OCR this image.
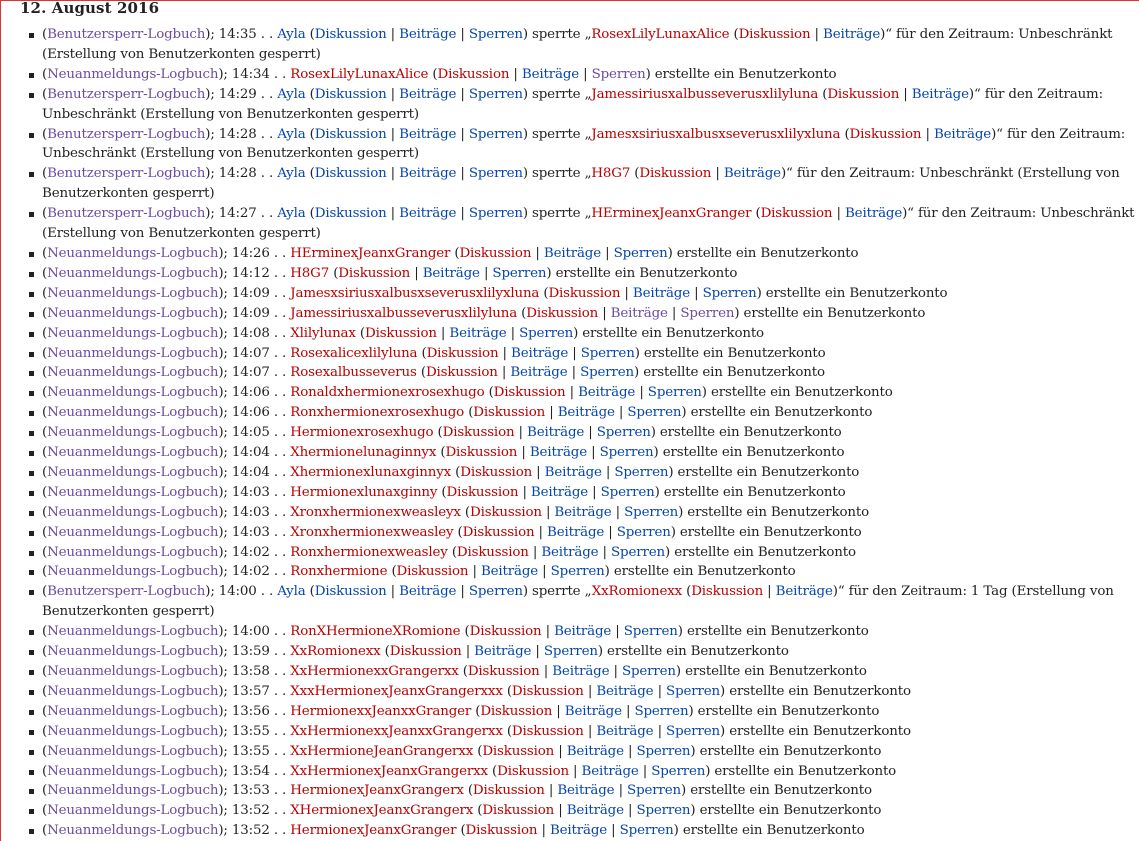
12. August 2016
(Benutzersperr-Logbuch); 14:35 . . Ayla (Diskussion | Beiträge | Sperren) sperrte „RosexLilyLunaxAlice (Diskussion | Beiträge)“ für den Zeitraum: Unbeschränkt (Erstellung von Benutzerkonten gesperrt)
(Neuanmeldungs-Logbuch); 14:34 . . RosexLilyLunaxAlice (Diskussion | Beiträge | Sperren) erstellte ein Benutzerkonto
(Benutzersperr-Logbuch); 14:29 . . Ayla (Diskussion | Beiträge | Sperren) sperrte „Jamessiriusxalbusseverusxlilyluna (Diskussion | Beiträge)“ für den Zeitraum: Unbeschränkt (Erstellung von Benutzerkonten gesperrt)
(Benutzersperr-Logbuch); 14:28 . . Ayla (Diskussion | Beiträge | Sperren) sperrte „Jamesxsiriusxalbusxseverusxlilyxluna (Diskussion | Beiträge)“ für den Zeitraum: Unbeschränkt (Erstellung von Benutzerkonten gesperrt)
(Benutzersperr-Logbuch); 14:28 . . Ayla (Diskussion | Beiträge | Sperren) sperrte „H8G7 (Diskussion | Beiträge)“ für den Zeitraum: Unbeschränkt (Erstellung von Benutzerkonten gesperrt)
(Benutzersperr-Logbuch); 14:27 . . Ayla (Diskussion | Beiträge | Sperren) sperrte „HErminexJeanxGranger (Diskussion | Beiträge)“ für den Zeitraum: Unbeschränkt (Erstellung von Benutzerkonten gesperrt)
(Neuanmeldungs-Logbuch); 14:26 . . HErminexJeanxGranger (Diskussion | Beiträge | Sperren) erstellte ein Benutzerkonto
(Neuanmeldungs-Logbuch); 14:12 . . H8G7 (Diskussion | Beiträge | Sperren) erstellte ein Benutzerkonto
(Neuanmeldungs-Logbuch); 14:09 . . Jamesxsiriusxalbusxseverusxlilyxluna (Diskussion | Beiträge | Sperren) erstellte ein Benutzerkonto
(Neuanmeldungs-Logbuch); 14:09 . . Jamessiriusxalbusseverusxlilyluna (Diskussion | Beiträge | Sperren) erstellte ein Benutzerkonto
(Neuanmeldungs-Logbuch); 14:08 . . Xlilylunax (Diskussion | Beiträge | Sperren) erstellte ein Benutzerkonto
(Neuanmeldungs-Logbuch); 14:07 . . Rosexalicexlilyluna (Diskussion | Beiträge | Sperren) erstellte ein Benutzerkonto
(Neuanmeldungs-Logbuch); 14:07 . . Rosexalbusseverus (Diskussion | Beiträge | Sperren) erstellte ein Benutzerkonto
(Neuanmeldungs-Logbuch); 14:06 . . Ronaldxhermionexrosexhugo (Diskussion | Beiträge | Sperren) erstellte ein Benutzerkonto
(Neuanmeldungs-Logbuch); 14:06 . . Ronxhermionexrosexhugo (Diskussion | Beiträge | Sperren) erstellte ein Benutzerkonto
(Neuanmeldungs-Logbuch); 14:05 . . Hermionexrosexhugo (Diskussion | Beiträge | Sperren) erstellte ein Benutzerkonto
(Neuanmeldungs-Logbuch); 14:04 . . Xhermionelunaginnyx (Diskussion | Beiträge | Sperren) erstellte ein Benutzerkonto
(Neuanmeldungs-Logbuch); 14:04 . . Xhermionexlunaxginnyx (Diskussion | Beiträge | Sperren) erstellte ein Benutzerkonto
(Neuanmeldungs-Logbuch); 14:03 . . Hermionexlunaxginny (Diskussion | Beiträge | Sperren) erstellte ein Benutzerkonto
(Neuanmeldungs-Logbuch); 14:03 . . Xronxhermionexweasleyx (Diskussion | Beiträge | Sperren) erstellte ein Benutzerkonto
(Neuanmeldungs-Logbuch); 14:03 . . Xronxhermionexweasley (Diskussion | Beiträge | Sperren) erstellte ein Benutzerkonto
(Neuanmeldungs-Logbuch); 14:02 . . Ronxhermionexweasley (Diskussion | Beiträge | Sperren) erstellte ein Benutzerkonto
(Neuanmeldungs-Logbuch); 14:02 . . Ronxhermione (Diskussion | Beiträge | Sperren) erstellte ein Benutzerkonto
(Benutzersperr-Logbuch); 14:00 . . Ayla (Diskussion | Beiträge | Sperren) sperrte „XxRomionexx (Diskussion | Beiträge)“ für den Zeitraum: 1 Tag (Erstellung von Benutzerkonten gesperrt)
(Neuanmeldungs-Logbuch); 14:00 . . RonXHermioneXRomione (Diskussion | Beiträge | Sperren) erstellte ein Benutzerkonto
(Neuanmeldungs-Logbuch); 13:59 . . XxRomionexx (Diskussion | Beiträge | Sperren) erstellte ein Benutzerkonto
(Neuanmeldungs-Logbuch); 13:58 . . XxHermionexxGrangerxx (Diskussion | Beiträge | Sperren) erstellte ein Benutzerkonto
(Neuanmeldungs-Logbuch); 13:57 . . XxxHermionexJeanxGrangerxxx (Diskussion | Beiträge | Sperren) erstellte ein Benutzerkonto
(Neuanmeldungs-Logbuch); 13:56 . . HermionexxJeanxxGranger (Diskussion | Beiträge | Sperren) erstellte ein Benutzerkonto
(Neuanmeldungs-Logbuch); 13:55 . . XxHermionexxJeanxxGrangerxx (Diskussion | Beiträge | Sperren) erstellte ein Benutzerkonto
(Neuanmeldungs-Logbuch); 13:55 . . XxHermioneJeanGrangerxx (Diskussion | Beiträge | Sperren) erstellte ein Benutzerkonto
(Neuanmeldungs-Logbuch); 13:54 . . XxHermionexJeanxGrangerxx (Diskussion | Beiträge | Sperren) erstellte ein Benutzerkonto
(Neuanmeldungs-Logbuch); 13:53 . . HermionexJeanxGrangerx (Diskussion | Beiträge | Sperren) erstellte ein Benutzerkonto
(Neuanmeldungs-Logbuch); 13:52 . . XHermionexJeanxGrangerx (Diskussion | Beiträge | Sperren) erstellte ein Benutzerkonto
(Neuanmeldungs-Logbuch); 13:52 . . HermionexJeanxGranger (Diskussion | Beiträge | Sperren) erstellte ein Benutzerkonto
